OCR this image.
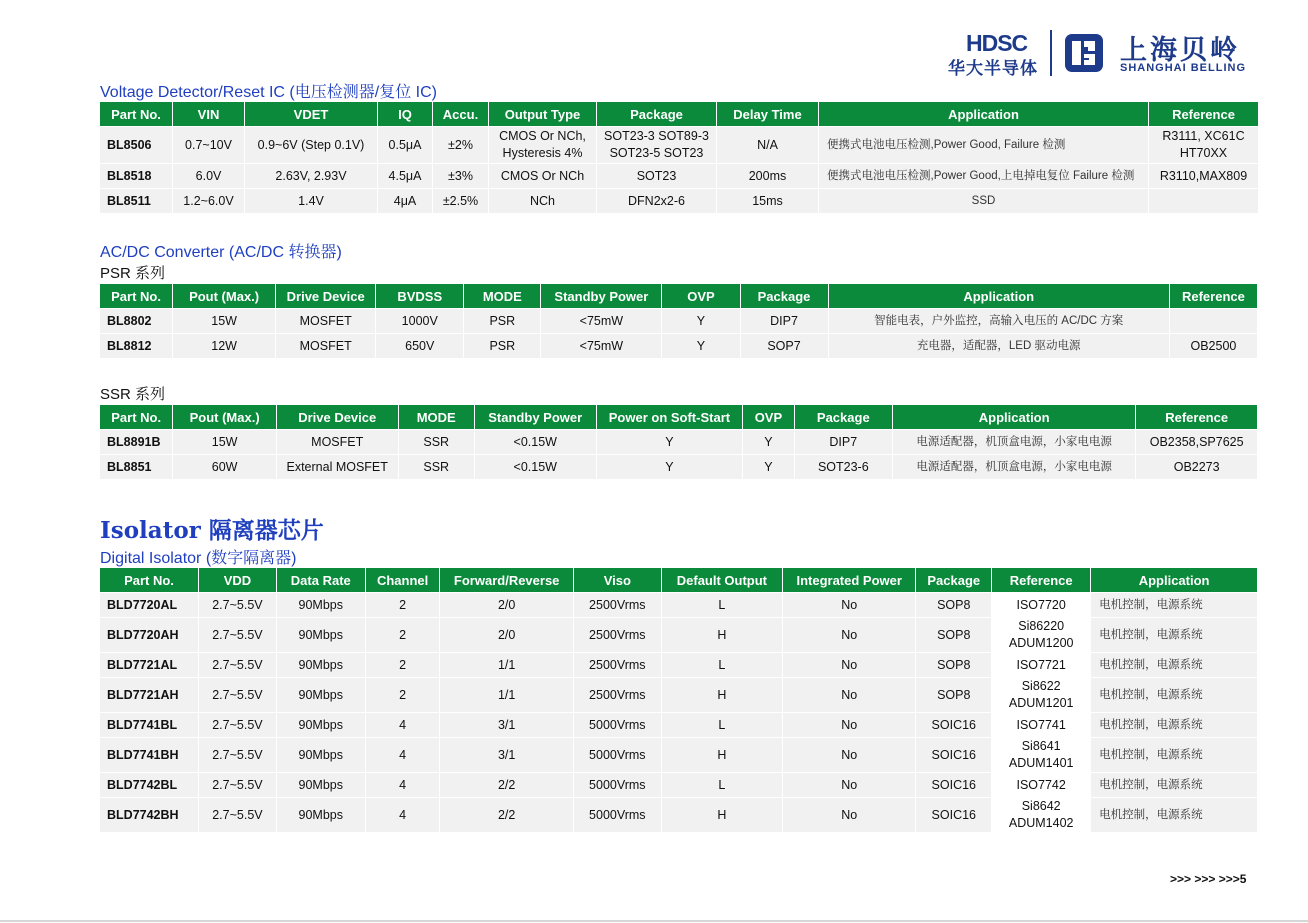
HDSC
华大半导体
上海贝岭
SHANGHAI BELLING
Voltage Detector/Reset IC (电压检测器/复位 IC)
Part No.	VIN	VDET	IQ	Accu.	Output Type	Package	Delay Time	Application	Reference
BL8506	0.7~10V	0.9~6V (Step 0.1V)	0.5μA	±2%	CMOS Or NCh, Hysteresis 4%	SOT23-3 SOT89-3 SOT23-5 SOT23	N/A	便携式电池电压检测,Power Good, Failure 检测	R3111, XC61C HT70XX
BL8518	6.0V	2.63V, 2.93V	4.5μA	±3%	CMOS Or NCh	SOT23	200ms	便携式电池电压检测,Power Good,上电掉电复位 Failure 检测	R3110,MAX809
BL8511	1.2~6.0V	1.4V	4μA	±2.5%	NCh	DFN2x2-6	15ms	SSD	
AC/DC Converter (AC/DC 转换器)
PSR 系列
Part No.	Pout (Max.)	Drive Device	BVDSS	MODE	Standby Power	OVP	Package	Application	Reference
BL8802	15W	MOSFET	1000V	PSR	<75mW	Y	DIP7	智能电表，户外监控，高输入电压的 AC/DC 方案	
BL8812	12W	MOSFET	650V	PSR	<75mW	Y	SOP7	充电器，适配器，LED 驱动电源	OB2500
SSR 系列
Part No.	Pout (Max.)	Drive Device	MODE	Standby Power	Power on Soft-Start	OVP	Package	Application	Reference
BL8891B	15W	MOSFET	SSR	<0.15W	Y	Y	DIP7	电源适配器，机顶盒电源，小家电电源	OB2358,SP7625
BL8851	60W	External MOSFET	SSR	<0.15W	Y	Y	SOT23-6	电源适配器，机顶盒电源，小家电电源	OB2273
Isolator 隔离器芯片
Digital Isolator (数字隔离器)
Part No.	VDD	Data Rate	Channel	Forward/Reverse	Viso	Default Output	Integrated Power	Package	Reference	Application
BLD7720AL	2.7~5.5V	90Mbps	2	2/0	2500Vrms	L	No	SOP8	ISO7720	电机控制，电源系统
BLD7720AH	2.7~5.5V	90Mbps	2	2/0	2500Vrms	H	No	SOP8	Si86220 ADUM1200	电机控制，电源系统
BLD7721AL	2.7~5.5V	90Mbps	2	1/1	2500Vrms	L	No	SOP8	ISO7721	电机控制，电源系统
BLD7721AH	2.7~5.5V	90Mbps	2	1/1	2500Vrms	H	No	SOP8	Si8622 ADUM1201	电机控制，电源系统
BLD7741BL	2.7~5.5V	90Mbps	4	3/1	5000Vrms	L	No	SOIC16	ISO7741	电机控制，电源系统
BLD7741BH	2.7~5.5V	90Mbps	4	3/1	5000Vrms	H	No	SOIC16	Si8641 ADUM1401	电机控制，电源系统
BLD7742BL	2.7~5.5V	90Mbps	4	2/2	5000Vrms	L	No	SOIC16	ISO7742	电机控制，电源系统
BLD7742BH	2.7~5.5V	90Mbps	4	2/2	5000Vrms	H	No	SOIC16	Si8642 ADUM1402	电机控制，电源系统
>>> >>> >>>5
